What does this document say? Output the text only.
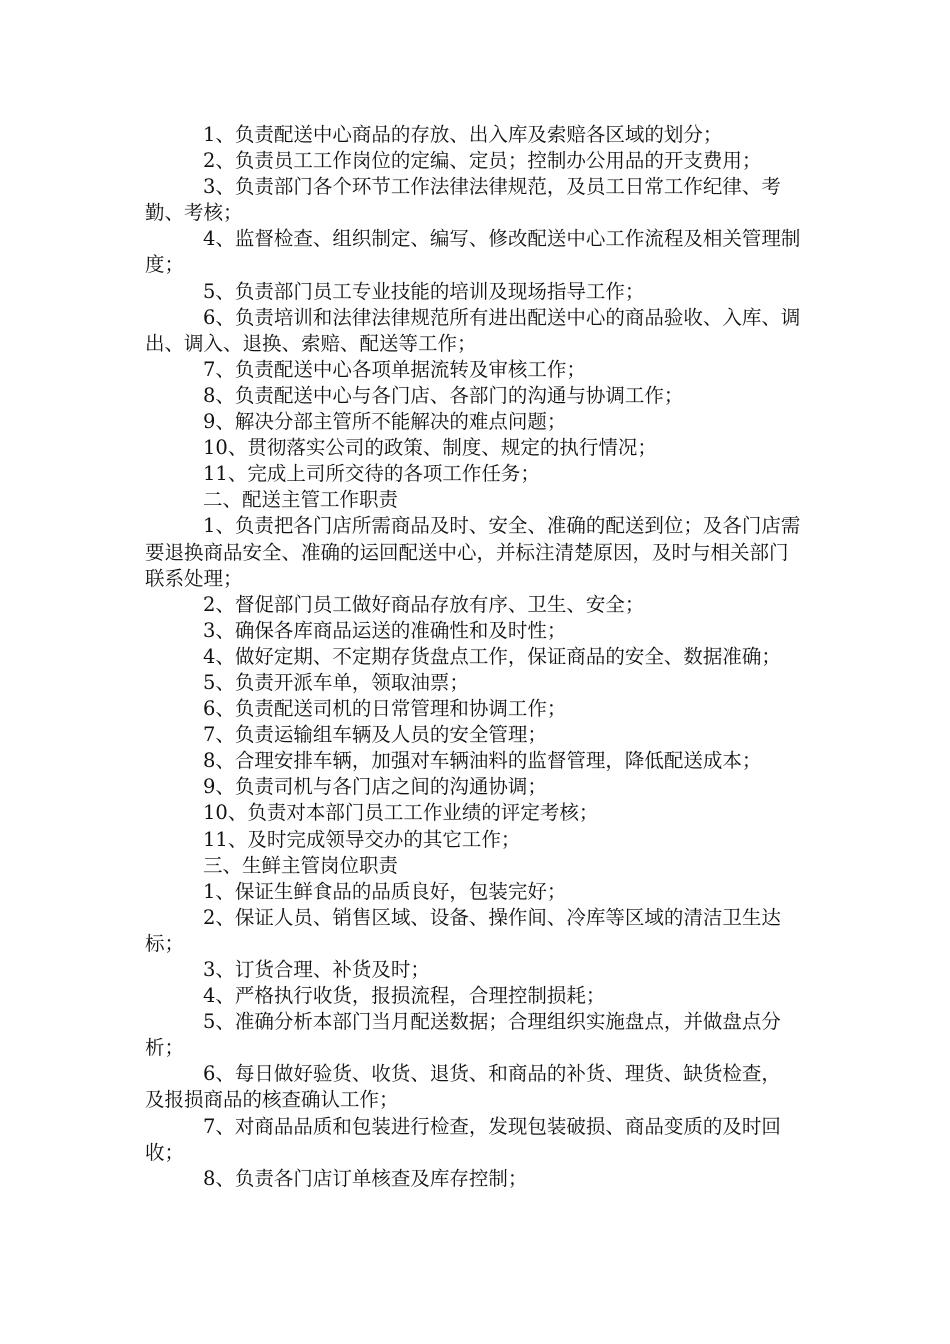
1、负责配送中心商品的存放、出入库及索赔各区域的划分；

2、负责员工工作岗位的定编、定员；控制办公用品的开支费用；

3、负责部门各个环节工作法律法律规范，及员工日常工作纪律、考勤、考核；

4、监督检查、组织制定、编写、修改配送中心工作流程及相关管理制度；

5、负责部门员工专业技能的培训及现场指导工作；

6、负责培训和法律法律规范所有进出配送中心的商品验收、入库、调出、调入、退换、索赔、配送等工作；

7、负责配送中心各项单据流转及审核工作；

8、负责配送中心与各门店、各部门的沟通与协调工作；

9、解决分部主管所不能解决的难点问题；

10、贯彻落实公司的政策、制度、规定的执行情况；

11、完成上司所交待的各项工作任务；

二、配送主管工作职责

1、负责把各门店所需商品及时、安全、准确的配送到位；及各门店需要退换商品安全、准确的运回配送中心，并标注清楚原因，及时与相关部门联系处理；

2、督促部门员工做好商品存放有序、卫生、安全；

3、确保各库商品运送的准确性和及时性；

4、做好定期、不定期存货盘点工作，保证商品的安全、数据准确；

5、负责开派车单，领取油票；

6、负责配送司机的日常管理和协调工作；

7、负责运输组车辆及人员的安全管理；

8、合理安排车辆，加强对车辆油料的监督管理，降低配送成本；

9、负责司机与各门店之间的沟通协调；

10、负责对本部门员工工作业绩的评定考核；

11、及时完成领导交办的其它工作；

三、生鲜主管岗位职责

1、保证生鲜食品的品质良好，包装完好；

2、保证人员、销售区域、设备、操作间、冷库等区域的清洁卫生达标；

3、订货合理、补货及时；

4、严格执行收货，报损流程，合理控制损耗；

5、准确分析本部门当月配送数据；合理组织实施盘点，并做盘点分析；

6、每日做好验货、收货、退货、和商品的补货、理货、缺货检查，　及报损商品的核查确认工作；

7、对商品品质和包装进行检查，发现包装破损、商品变质的及时回收；

8、负责各门店订单核查及库存控制；
